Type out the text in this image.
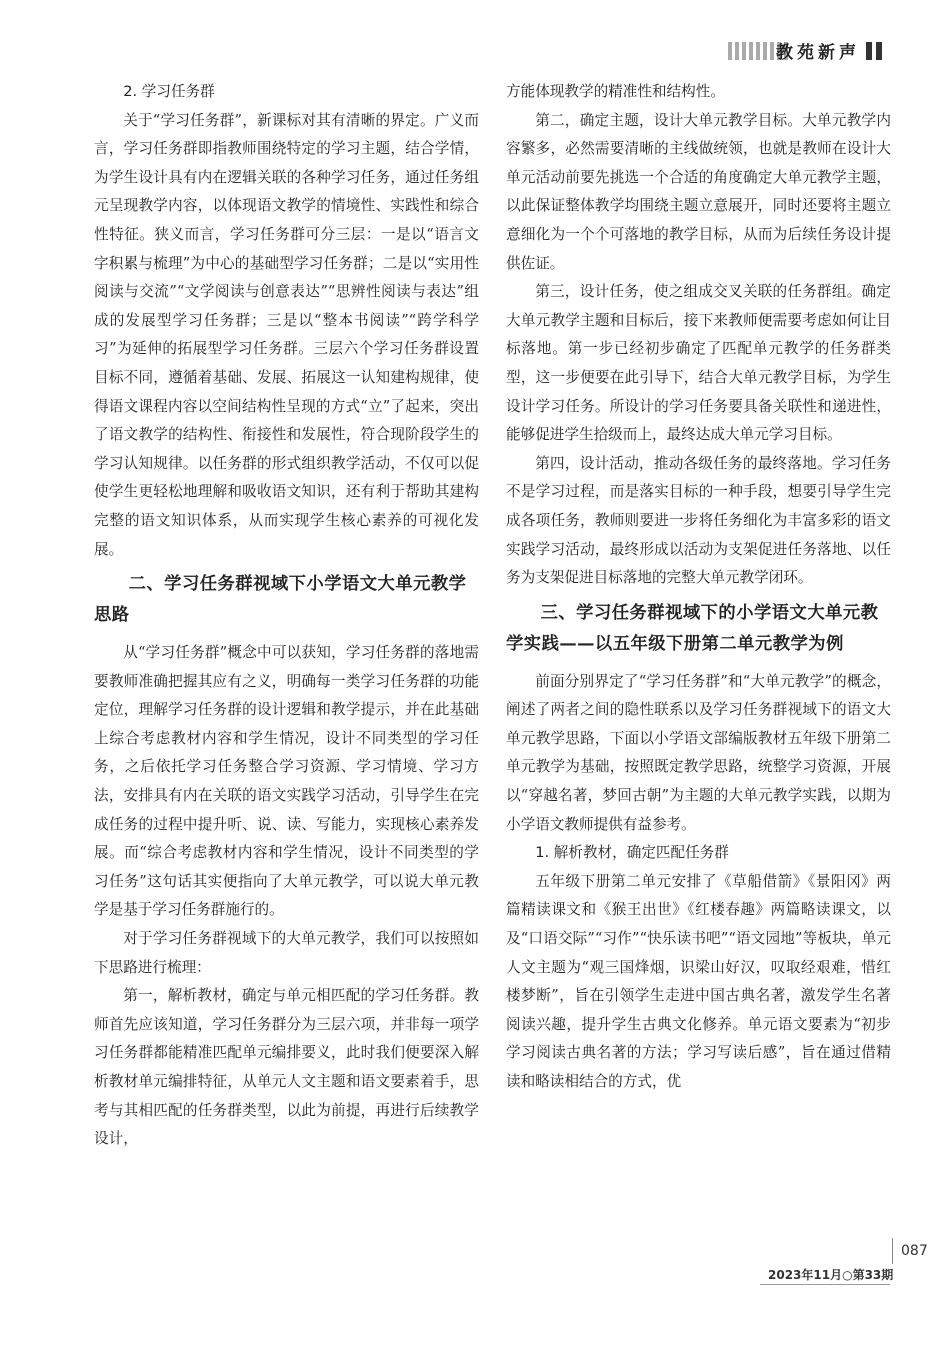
教苑新声
2. 学习任务群

关于“学习任务群”，新课标对其有清晰的界定。广义而言，学习任务群即指教师围绕特定的学习主题，结合学情，为学生设计具有内在逻辑关联的各种学习任务，通过任务组元呈现教学内容，以体现语文教学的情境性、实践性和综合性特征。狭义而言，学习任务群可分三层：一是以“语言文字积累与梳理”为中心的基础型学习任务群；二是以“实用性阅读与交流”“文学阅读与创意表达”“思辨性阅读与表达”组成的发展型学习任务群；三是以“整本书阅读”“跨学科学习”为延伸的拓展型学习任务群。三层六个学习任务群设置目标不同，遵循着基础、发展、拓展这一认知建构规律，使得语文课程内容以空间结构性呈现的方式“立”了起来，突出了语文教学的结构性、衔接性和发展性，符合现阶段学生的学习认知规律。以任务群的形式组织教学活动，不仅可以促使学生更轻松地理解和吸收语文知识，还有利于帮助其建构完整的语文知识体系，从而实现学生核心素养的可视化发展。

二、学习任务群视域下小学语文大单元教学思路

从“学习任务群”概念中可以获知，学习任务群的落地需要教师准确把握其应有之义，明确每一类学习任务群的功能定位，理解学习任务群的设计逻辑和教学提示，并在此基础上综合考虑教材内容和学生情况，设计不同类型的学习任务，之后依托学习任务整合学习资源、学习情境、学习方法，安排具有内在关联的语文实践学习活动，引导学生在完成任务的过程中提升听、说、读、写能力，实现核心素养发展。而“综合考虑教材内容和学生情况，设计不同类型的学习任务”这句话其实便指向了大单元教学，可以说大单元教学是基于学习任务群施行的。

对于学习任务群视域下的大单元教学，我们可以按照如下思路进行梳理：

第一，解析教材，确定与单元相匹配的学习任务群。教师首先应该知道，学习任务群分为三层六项，并非每一项学习任务群都能精准匹配单元编排要义，此时我们便要深入解析教材单元编排特征，从单元人文主题和语文要素着手，思考与其相匹配的任务群类型，以此为前提，再进行后续教学设计，

方能体现教学的精准性和结构性。

第二，确定主题，设计大单元教学目标。大单元教学内容繁多，必然需要清晰的主线做统领，也就是教师在设计大单元活动前要先挑选一个合适的角度确定大单元教学主题，以此保证整体教学均围绕主题立意展开，同时还要将主题立意细化为一个个可落地的教学目标，从而为后续任务设计提供佐证。

第三，设计任务，使之组成交叉关联的任务群组。确定大单元教学主题和目标后，接下来教师便需要考虑如何让目标落地。第一步已经初步确定了匹配单元教学的任务群类型，这一步便要在此引导下，结合大单元教学目标，为学生设计学习任务。所设计的学习任务要具备关联性和递进性，能够促进学生拾级而上，最终达成大单元学习目标。

第四，设计活动，推动各级任务的最终落地。学习任务不是学习过程，而是落实目标的一种手段，想要引导学生完成各项任务，教师则要进一步将任务细化为丰富多彩的语文实践学习活动，最终形成以活动为支架促进任务落地、以任务为支架促进目标落地的完整大单元教学闭环。

三、学习任务群视域下的小学语文大单元教学实践——以五年级下册第二单元教学为例

前面分别界定了“学习任务群”和“大单元教学”的概念，阐述了两者之间的隐性联系以及学习任务群视域下的语文大单元教学思路，下面以小学语文部编版教材五年级下册第二单元教学为基础，按照既定教学思路，统整学习资源，开展以“穿越名著，梦回古朝”为主题的大单元教学实践，以期为小学语文教师提供有益参考。

1. 解析教材，确定匹配任务群

五年级下册第二单元安排了《草船借箭》《景阳冈》两篇精读课文和《猴王出世》《红楼春趣》两篇略读课文，以及“口语交际”“习作”“快乐读书吧”“语文园地”等板块，单元人文主题为“观三国烽烟，识梁山好汉，叹取经艰难，惜红楼梦断”，旨在引领学生走进中国古典名著，激发学生名著阅读兴趣，提升学生古典文化修养。单元语文要素为“初步学习阅读古典名著的方法；学习写读后感”，旨在通过借精读和略读相结合的方式，优

087
2023年11月○第33期
